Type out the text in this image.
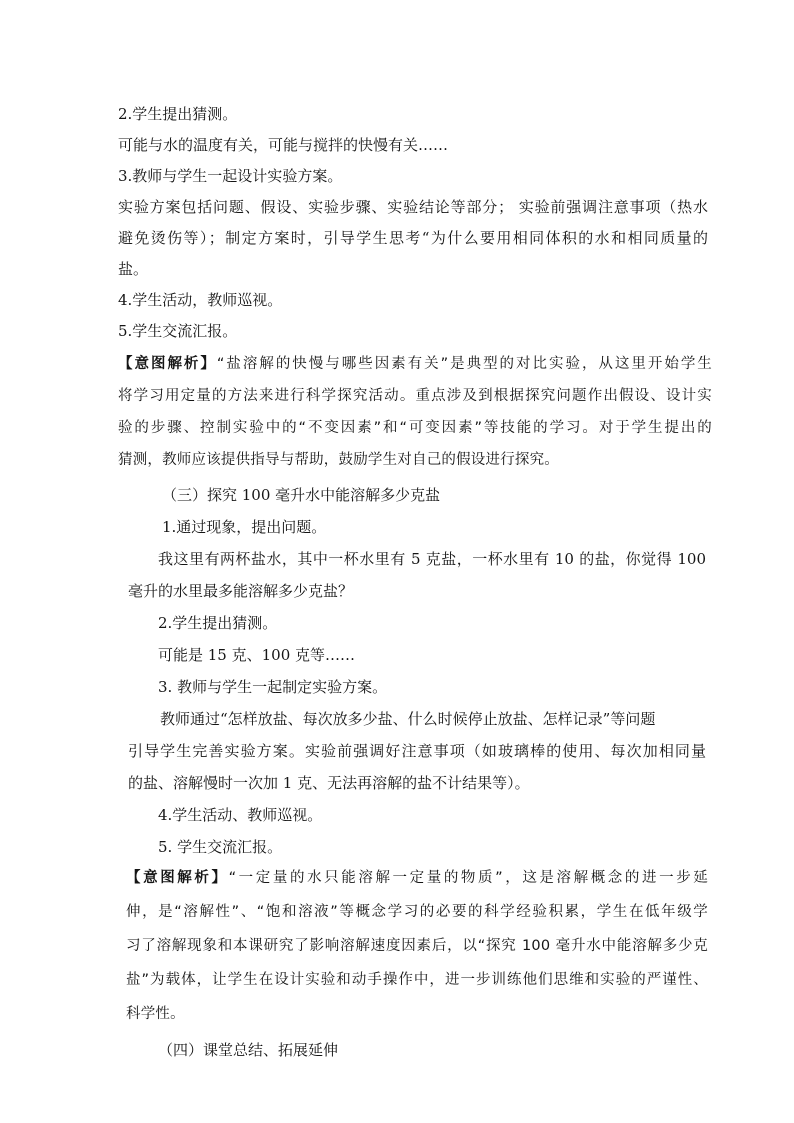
2.学生提出猜测。
可能与水的温度有关，可能与搅拌的快慢有关……
3.教师与学生一起设计实验方案。
实验方案包括问题、假设、实验步骤、实验结论等部分； 实验前强调注意事项（热水
避免烫伤等）；制定方案时，引导学生思考“为什么要用相同体积的水和相同质量的
盐。
4.学生活动，教师巡视。
5.学生交流汇报。
【意图解析】“盐溶解的快慢与哪些因素有关”是典型的对比实验，从这里开始学生
将学习用定量的方法来进行科学探究活动。重点涉及到根据探究问题作出假设、设计实
验的步骤、控制实验中的“不变因素”和“可变因素”等技能的学习。对于学生提出的
猜测，教师应该提供指导与帮助，鼓励学生对自己的假设进行探究。
（三）探究 100 毫升水中能溶解多少克盐
1.通过现象，提出问题。
我这里有两杯盐水，其中一杯水里有 5 克盐，一杯水里有 10 的盐，你觉得 100
毫升的水里最多能溶解多少克盐？
2.学生提出猜测。
可能是 15 克、100 克等……
3. 教师与学生一起制定实验方案。
教师通过“怎样放盐、每次放多少盐、什么时候停止放盐、怎样记录”等问题
引导学生完善实验方案。实验前强调好注意事项（如玻璃棒的使用、每次加相同量
的盐、溶解慢时一次加 1 克、无法再溶解的盐不计结果等）。
4.学生活动、教师巡视。
5. 学生交流汇报。
【意图解析】“一定量的水只能溶解一定量的物质”，这是溶解概念的进一步延
伸，是“溶解性”、“饱和溶液”等概念学习的必要的科学经验积累，学生在低年级学
习了溶解现象和本课研究了影响溶解速度因素后，以“探究 100 毫升水中能溶解多少克
盐”为载体，让学生在设计实验和动手操作中，进一步训练他们思维和实验的严谨性、
科学性。
（四）课堂总结、拓展延伸
